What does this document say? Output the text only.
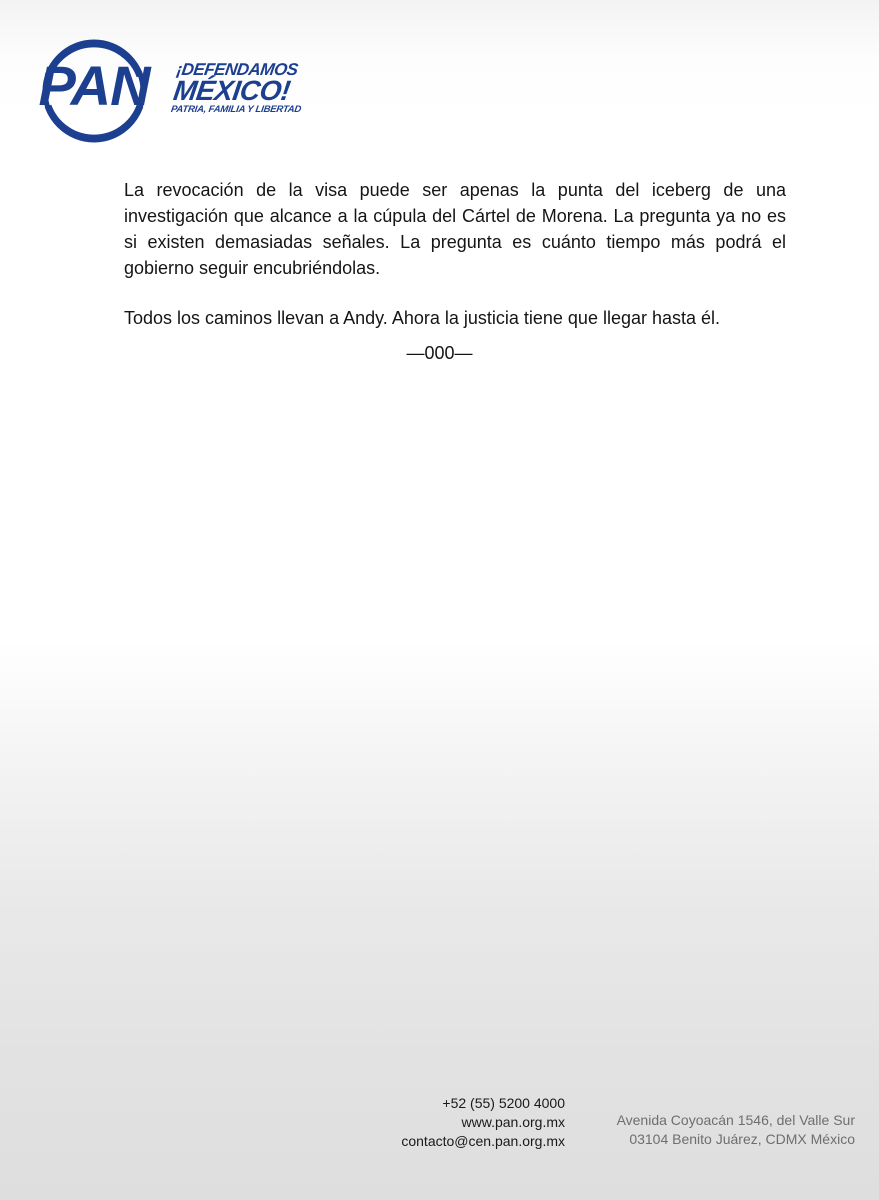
PAN	¡DEFENDAMOS
MÉXICO!
PATRIA, FAMILIA Y LIBERTAD

La revocación de la visa puede ser apenas la punta del iceberg de una investigación que alcance a la cúpula del Cártel de Morena. La pregunta ya no es si existen demasiadas señales. La pregunta es cuánto tiempo más podrá el gobierno seguir encubriéndolas.

Todos los caminos llevan a Andy. Ahora la justicia tiene que llegar hasta él.

—000—
+52 (55) 5200 4000
www.pan.org.mx
contacto@cen.pan.org.mx
Avenida Coyoacán 1546, del Valle Sur
03104 Benito Juárez, CDMX México
